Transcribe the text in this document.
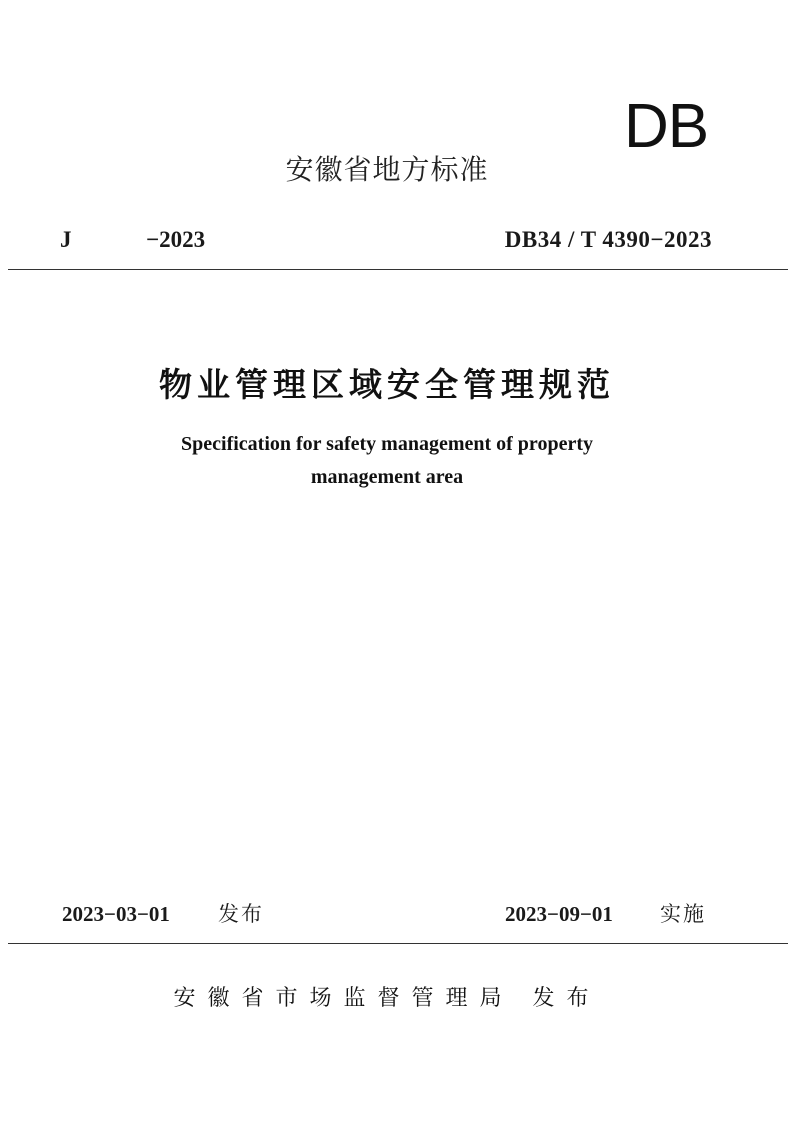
DB
安徽省地方标准
J	−2023	DB34 / T 4390−2023
物业管理区域安全管理规范
Specification for safety management of property
management area
2023−03−01 发布	2023−09−01 实施
安徽省市场监督管理局 发布
